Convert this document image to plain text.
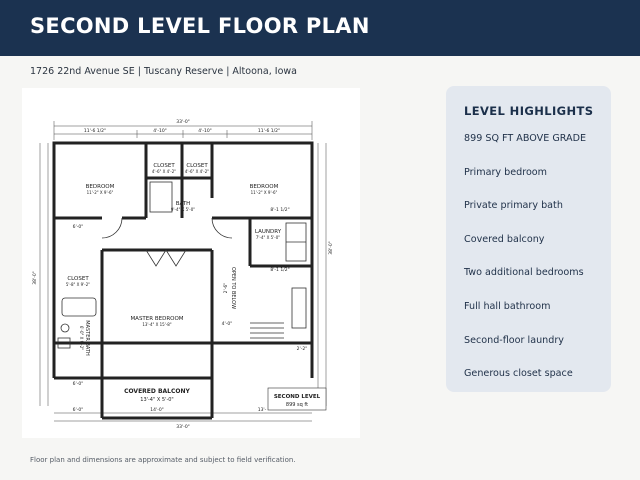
SECOND LEVEL FLOOR PLAN
1726 22nd Avenue SE | Tuscany Reserve | Altoona, Iowa
33'-0"
11'-6 1/2"	4'-10"	4'-10"	11'-6 1/2"
33'-0"
6'-0"	14'-0"	13'-
38'-0"
38'-0"
6'-0"
8'-1 1/2"
8'-1 1/2"
6'-0"
2'-2"
4'-0"
2'-6"
CLOSET
4'-6" X 4'-2"
CLOSET
4'-6" X 4'-2"
BEDROOM
11'-2" X 9'-6"
BEDROOM
11'-2" X 9'-6"
BATH
9'-4" X 5'-0"
LAUNDRY
7'-4" X 5'-0"
CLOSET
5'-8" X 9'-2"
MASTER BEDROOM
13'-4" X 15'-8"
MASTER BATH
6'-0" X 9'-2"
OPEN TO BELOW
COVERED BALCONY
13'-4" X 5'-0"	SECOND LEVEL
899 sq ft
LEVEL HIGHLIGHTS
899 SQ FT ABOVE GRADE
Primary bedroom
Private primary bath
Covered balcony
Two additional bedrooms
Full hall bathroom
Second-floor laundry
Generous closet space
Floor plan and dimensions are approximate and subject to field verification.
